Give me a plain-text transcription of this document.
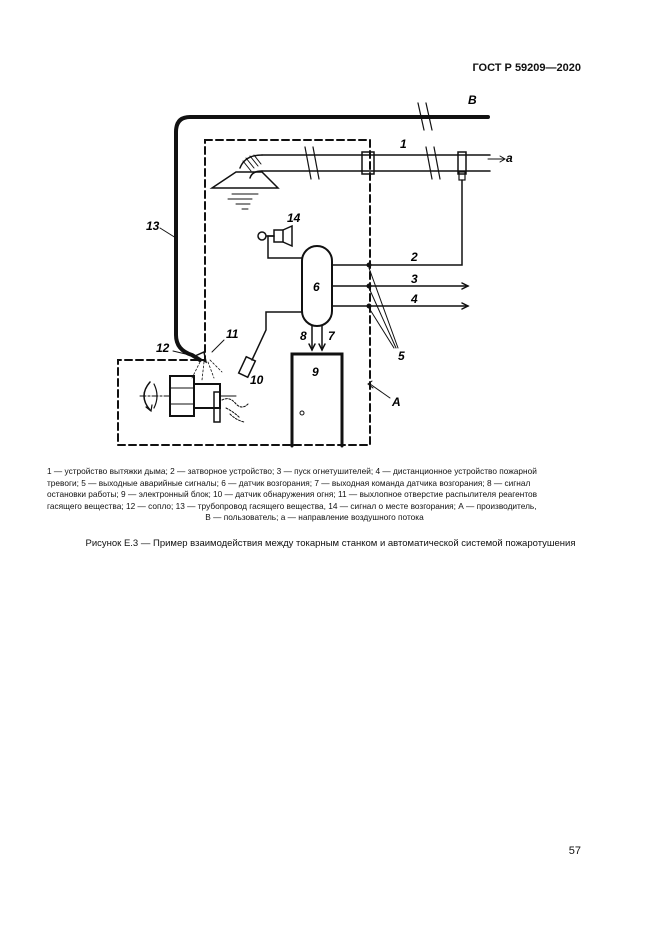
ГОСТ Р 59209—2020
B
1
a
13
14
2
3
4
6
8 7
11
12
5
9
10
A
1 — устройство вытяжки дыма; 2 — затворное устройство; 3 — пуск огнетушителей; 4 — дистанционное устройство пожарной
тревоги; 5 — выходные аварийные сигналы; 6 — датчик возгорания; 7 — выходная команда датчика возгорания; 8 — сигнал
остановки работы; 9 — электронный блок; 10 — датчик обнаружения огня; 11 — выхлопное отверстие распылителя реагентов
гасящего вещества; 12 — сопло; 13 — трубопровод гасящего вещества, 14 — сигнал о месте возгорания; А — производитель,
В — пользователь; а — направление воздушного потока
Рисунок Е.3 — Пример взаимодействия между токарным станком и автоматической системой пожаротушения
57
